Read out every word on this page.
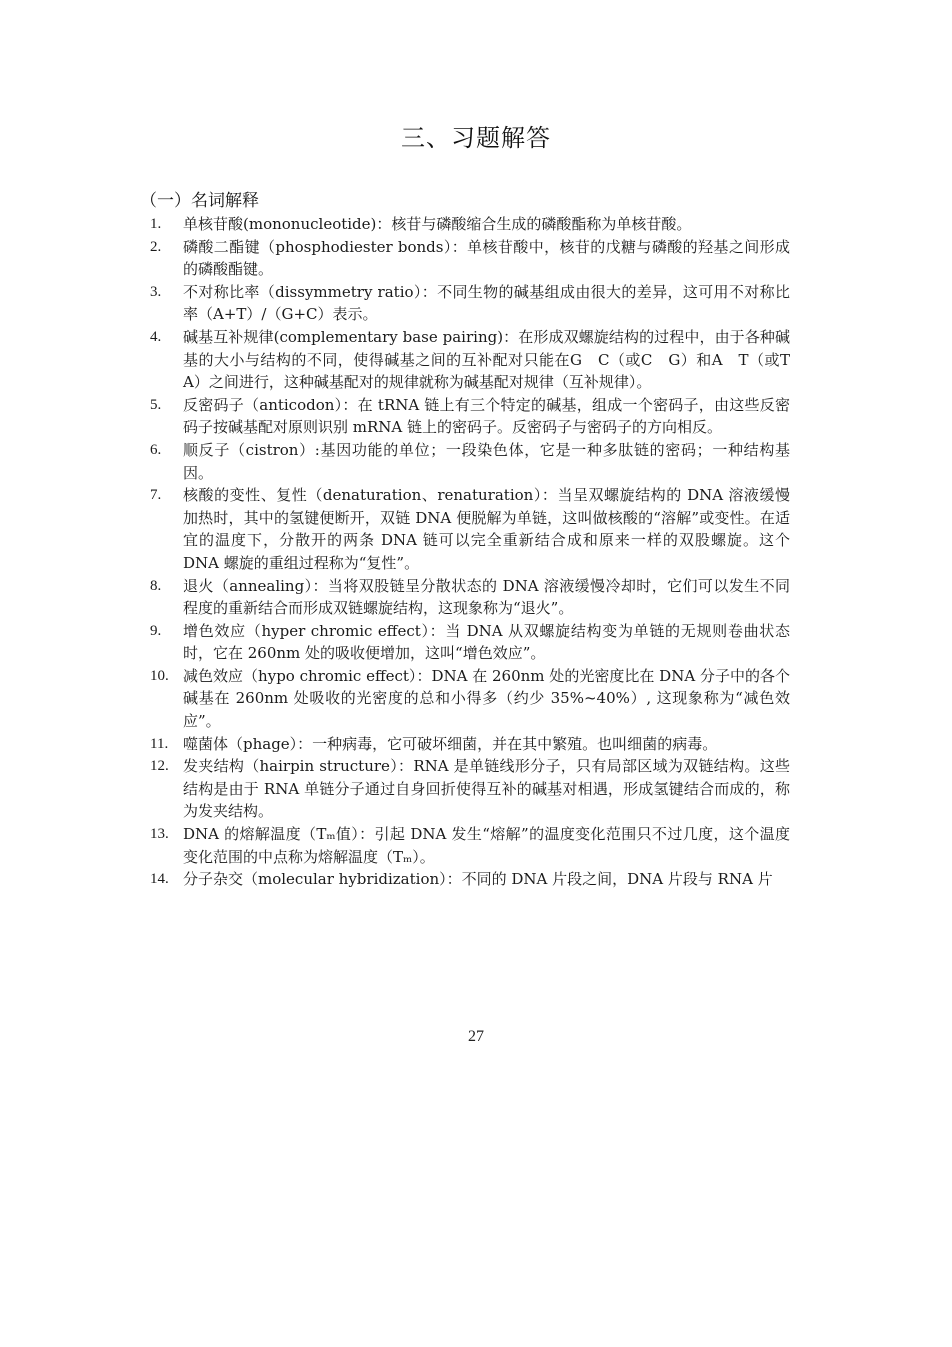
三、习题解答
（一）名词解释
1. 单核苷酸(mononucleotide)：核苷与磷酸缩合生成的磷酸酯称为单核苷酸。
2. 磷酸二酯键（phosphodiester bonds）：单核苷酸中，核苷的戊糖与磷酸的羟基之间形成的磷酸酯键。
3. 不对称比率（dissymmetry ratio）：不同生物的碱基组成由很大的差异，这可用不对称比率（A+T）/（G+C）表示。
4. 碱基互补规律(complementary base pairing)：在形成双螺旋结构的过程中，由于各种碱基的大小与结构的不同，使得碱基之间的互补配对只能在G　C（或C　G）和A　T（或T　A）之间进行，这种碱基配对的规律就称为碱基配对规律（互补规律）。
5. 反密码子（anticodon）：在 tRNA 链上有三个特定的碱基，组成一个密码子，由这些反密码子按碱基配对原则识别 mRNA 链上的密码子。反密码子与密码子的方向相反。
6. 顺反子（cistron）:基因功能的单位；一段染色体，它是一种多肽链的密码；一种结构基因。
7. 核酸的变性、复性（denaturation、renaturation）：当呈双螺旋结构的 DNA 溶液缓慢加热时，其中的氢键便断开，双链 DNA 便脱解为单链，这叫做核酸的“溶解”或变性。在适宜的温度下，分散开的两条 DNA 链可以完全重新结合成和原来一样的双股螺旋。这个 DNA 螺旋的重组过程称为“复性”。
8. 退火（annealing）：当将双股链呈分散状态的 DNA 溶液缓慢冷却时，它们可以发生不同程度的重新结合而形成双链螺旋结构，这现象称为“退火”。
9. 增色效应（hyper chromic effect）：当 DNA 从双螺旋结构变为单链的无规则卷曲状态时，它在 260nm 处的吸收便增加，这叫“增色效应”。
10. 减色效应（hypo chromic effect）：DNA 在 260nm 处的光密度比在 DNA 分子中的各个碱基在 260nm 处吸收的光密度的总和小得多（约少 35%~40%）, 这现象称为“减色效应”。
11. 噬菌体（phage）：一种病毒，它可破坏细菌，并在其中繁殖。也叫细菌的病毒。
12. 发夹结构（hairpin structure）：RNA 是单链线形分子，只有局部区域为双链结构。这些结构是由于 RNA 单链分子通过自身回折使得互补的碱基对相遇，形成氢键结合而成的，称为发夹结构。
13. DNA 的熔解温度（Tₘ值）：引起 DNA 发生“熔解”的温度变化范围只不过几度，这个温度变化范围的中点称为熔解温度（Tₘ）。
14. 分子杂交（molecular hybridization）：不同的 DNA 片段之间，DNA 片段与 RNA 片
27
